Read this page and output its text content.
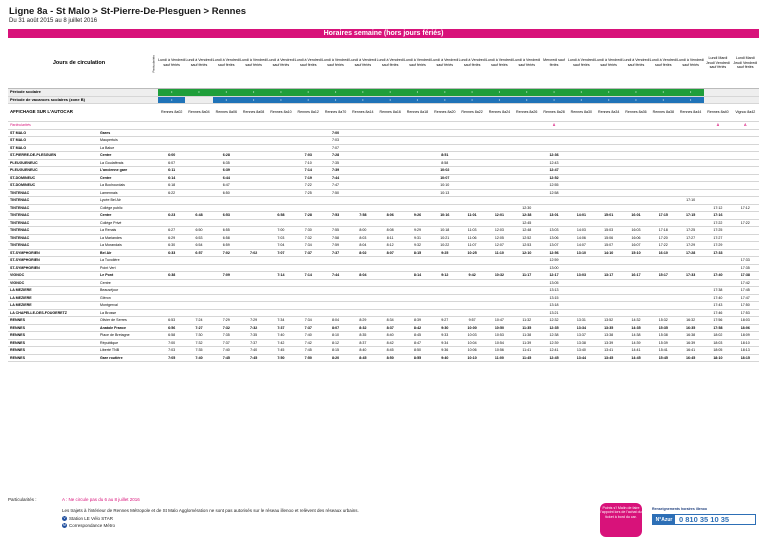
Ligne 8a - St Malo > St-Pierre-De-Plesguen > Rennes
Du 31 août 2015 au 8 juillet 2016
Horaires semaine (hors jours fériés)
Jours de circulation		Particularités	Lundi à Vendredi sauf fériés	Lundi à Vendredi sauf fériés	Lundi à Vendredi sauf fériés	Lundi à Vendredi sauf fériés	Lundi à Vendredi sauf fériés	Lundi à Vendredi sauf fériés	Lundi à Vendredi sauf fériés	Lundi à Vendredi sauf fériés	Lundi à Vendredi sauf fériés	Lundi à Vendredi sauf fériés	Lundi à Vendredi sauf fériés	Lundi à Vendredi sauf fériés	Lundi à Vendredi sauf fériés	Lundi à Vendredi sauf fériés	Mercredi sauf fériés	Lundi à Vendredi sauf fériés	Lundi à Vendredi sauf fériés	Lundi à Vendredi sauf fériés	Lundi à Vendredi sauf fériés	Lundi à Vendredi sauf fériés	Lundi Mardi Jeudi Vendredi sauf fériés	Lundi Mardi Jeudi Vendredi sauf fériés
Période scolaire			•	•	•	•	•	•	•	•	•	•	•	•	•	•	•	•	•	•	•	•		
Période de vacances scolaires (zone B)			•		•	•	•	•	•	•	•	•	•	•	•	•	•	•	•	•	•	•		
AFFICHAGE SUR L'AUTOCAR			Rennes 8a02	Rennes 8a04	Rennes 8a06	Rennes 8a08	Rennes 8a10	Rennes 8a12	Rennes 8a70	Rennes 8a14	Rennes 8a16	Rennes 8a18	Rennes 8a20	Rennes 8a22	Rennes 8a24	Rennes 8a26	Rennes 8a28	Rennes 8a30	Rennes 8a34	Rennes 8a36	Rennes 8a38	Rennes 8a44	Rennes 8a40	Vignoc 8a42
Particularités																	A						A	A
ST MALO	Gares								7:00															
ST MALO	Maupertuis								7:03															
ST MALO	La Balue								7:07															
ST-PIERRE-DE-PLESGUEN	Centre		6:00		6:28			7:03	7:28				8:51				12:36							
PLEUGUENEUC	La Goulaférais		6:07		6:35			7:10	7:35				8:58				12:43							
PLEUGUENEUC	L'ancienne gare		6:11		6:39			7:14	7:39				10:02				12:47							
ST-DOMINEUC	Centre		6:14		6:44			7:19	7:44				10:07				12:52							
ST-DOMINEUC	La Bochourdais		6:18		6:47			7:22	7:47				10:10				12:55							
TINTENIAC	Lamennais		6:22		6:50			7:25	7:50				10:13				12:58							
TINTENIAC	Lycée Bel Air																					17:10		
TINTENIAC	Collège public															12:30							17:12	17:12
TINTENIAC	Centre		6:23	6:48	6:53		6:58	7:28	7:53	7:58	8:06	9:26	10:16	11:01	12:01	12:38	13:01	14:01	15:01	16:01	17:15	17:15	17:16	
TINTENIAC	Collège Privé															12:45							17:22	17:22
TINTENIAC	La Renais		6:27	6:50	6:55		7:00	7:30	7:55	8:00	8:08	9:29	10:18	11:03	12:03	12:48	13:03	14:03	15:03	16:03	17:18	17:25	17:25	
TINTENIAC	La Mariandes		6:29	6:53	6:58		7:03	7:32	7:58	8:03	8:11	9:31	10:21	11:06	12:05	12:52	13:06	14:06	15:06	16:06	17:20	17:27	17:27	
TINTENIAC	La Morandais		6:30	6:54	6:59		7:04	7:34	7:59	8:04	8:12	9:32	10:22	11:07	12:07	12:53	13:07	14:07	15:07	16:07	17:22	17:29	17:29	
ST-SYMPHORIEN	Bel Air		6:33	6:57	7:02	7:02	7:07	7:37	7:37	8:02	8:07	8:15	9:25	10:25	11:10	12:10	12:56	13:10	14:10	15:10	16:10	17:28	17:33	
ST-SYMPHORIEN	La Tuvolière																12:59							17:33
ST-SYMPHORIEN	Point Vert																13:00							17:35
VIGNOC	Le Pont		6:38		7:09		7:14	7:14	7:44	8:04		8:14	9:12	9:42	10:32	11:17	12:17	13:03	13:17	16:17	15:17	17:33	17:40	17:38
VIGNOC	Centre																13:05							17:42
LA MEZIERE	Beauséjour																13:13						17:38	17:45
LA MEZIERE	Gléron																13:15						17:40	17:47
LA MEZIERE	Montgerval																13:18						17:43	17:50
LA CHAPELLE-DES-FOUGERETZ	La Brosse																13:21						17:46	17:53
RENNES	Olivier de Serres		6:53	7:24	7:29	7:29	7:34	7:34	8:04	8:29	8:34	8:39	9:27	9:57	10:47	11:32	12:32	13:31	13:52	14:32	15:32	16:32	17:56	18:03
RENNES	Anatole France		6:56	7:27	7:32	7:32	7:37	7:37	8:07	8:32	8:37	8:42	9:30	10:00	10:50	11:35	12:35	13:34	13:35	14:35	15:35	16:35	17:58	18:06
RENNES	Place de Bretagne		6:58	7:30	7:35	7:35	7:40	7:40	8:10	8:35	8:40	8:45	9:33	10:03	10:53	11:38	12:38	13:37	13:38	14:38	15:38	16:38	18:02	18:09
RENNES	République		7:00	7:32	7:37	7:37	7:42	7:42	8:12	8:37	8:42	8:47	9:34	10:04	10:54	11:39	12:39	13:38	13:39	14:39	15:39	16:39	18:03	18:10
RENNES	Liberté TNB		7:03	7:35	7:40	7:40	7:45	7:45	8:15	8:40	8:45	8:50	9:36	10:06	10:56	11:41	12:41	13:40	13:41	14:41	15:41	16:41	18:05	18:13
RENNES	Gare routière		7:05	7:40	7:45	7:45	7:50	7:50	8:20	8:45	8:50	8:55	9:40	10:10	11:00	11:45	12:45	13:44	13:45	14:45	15:45	16:45	18:10	18:15
Particularités :	A : Ne circule pas du 6 au 8 juillet 2016
Les trajets à l'intérieur de Rennes Métropole et de St Malo Agglomération ne sont pas autorisés sur le réseau illenoo et relèvent des réseaux urbains.
V Station LE Vélo STAR
M Correspondance Métro
Points s'! Malin de faire l'appoint lors de l'achat du ticket à bord du car.
Renseignements horaires illenoo
N°Azur 0 810 35 10 35
